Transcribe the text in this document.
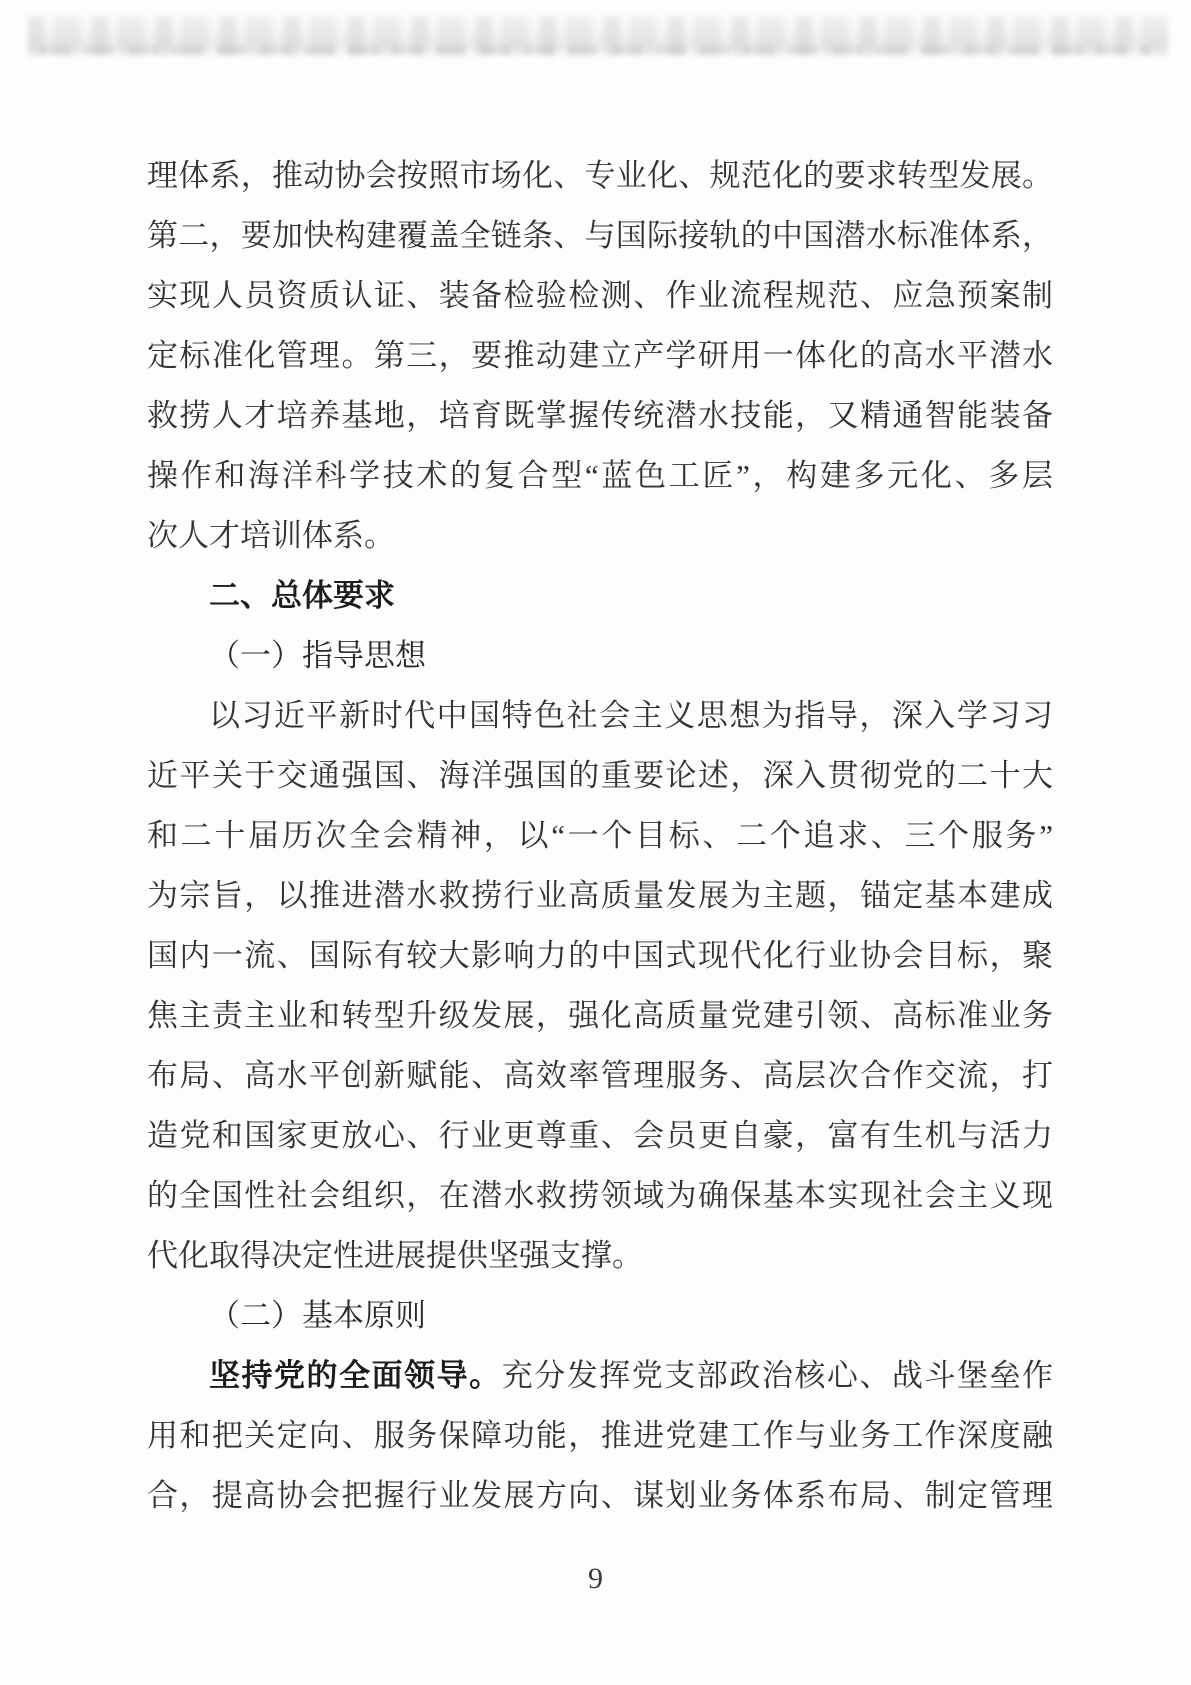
理体系，推动协会按照市场化、专业化、规范化的要求转型发展。
第二，要加快构建覆盖全链条、与国际接轨的中国潜水标准体系，
实现人员资质认证、装备检验检测、作业流程规范、应急预案制
定标准化管理。第三，要推动建立产学研用一体化的高水平潜水
救捞人才培养基地，培育既掌握传统潜水技能，又精通智能装备
操作和海洋科学技术的复合型“蓝色工匠”，构建多元化、多层
次人才培训体系。
二、总体要求
（一）指导思想
以习近平新时代中国特色社会主义思想为指导，深入学习习
近平关于交通强国、海洋强国的重要论述，深入贯彻党的二十大
和二十届历次全会精神，以“一个目标、二个追求、三个服务”
为宗旨，以推进潜水救捞行业高质量发展为主题，锚定基本建成
国内一流、国际有较大影响力的中国式现代化行业协会目标，聚
焦主责主业和转型升级发展，强化高质量党建引领、高标准业务
布局、高水平创新赋能、高效率管理服务、高层次合作交流，打
造党和国家更放心、行业更尊重、会员更自豪，富有生机与活力
的全国性社会组织，在潜水救捞领域为确保基本实现社会主义现
代化取得决定性进展提供坚强支撑。
（二）基本原则
坚持党的全面领导。充分发挥党支部政治核心、战斗堡垒作
用和把关定向、服务保障功能，推进党建工作与业务工作深度融
合，提高协会把握行业发展方向、谋划业务体系布局、制定管理
9
